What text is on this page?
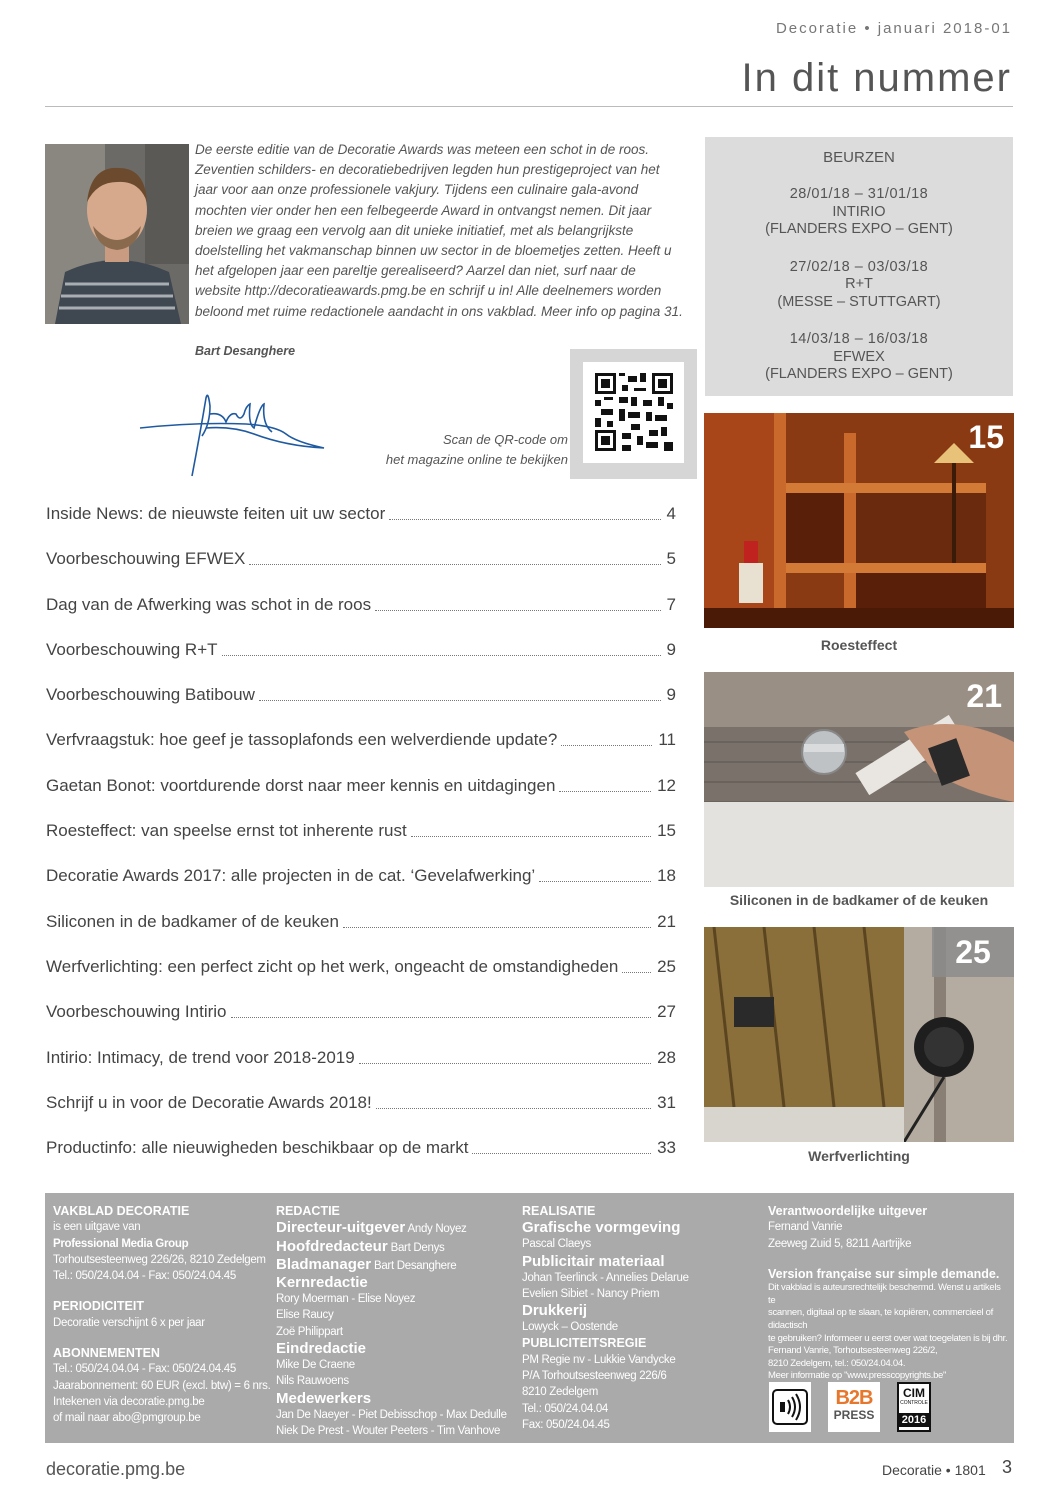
Decoratie • januari 2018-01
In dit nummer
De eerste editie van de Decoratie Awards was meteen een schot in de roos. Zeventien schilders- en decoratiebedrijven legden hun prestigeproject van het jaar voor aan onze professionele vakjury. Tijdens een culinaire gala-avond mochten vier onder hen een felbegeerde Award in ontvangst nemen. Dit jaar breien we graag een vervolg aan dit unieke initiatief, met als belangrijkste doelstelling het vakmanschap binnen uw sector in de bloemetjes zetten. Heeft u het afgelopen jaar een pareltje gerealiseerd? Aarzel dan niet, surf naar de website http://decoratieawards.pmg.be en schrijf u in! Alle deelnemers worden beloond met ruime redactionele aandacht in ons vakblad. Meer info op pagina 31.
Bart Desanghere
Scan de QR-code om
het magazine online te bekijken
BEURZEN
28/01/18 – 31/01/18
INTIRIO
(FLANDERS EXPO – GENT)
27/02/18 – 03/03/18
R+T
(MESSE – STUTTGART)
14/03/18 – 16/03/18
EFWEX
(FLANDERS EXPO – GENT)
15
Roesteffect
21
Siliconen in de badkamer of de keuken
25
Werfverlichting
Inside News: de nieuwste feiten uit uw sector	4
Voorbeschouwing EFWEX	5
Dag van de Afwerking was schot in de roos	7
Voorbeschouwing R+T	9
Voorbeschouwing Batibouw	9
Verfvraagstuk: hoe geef je tassoplafonds een welverdiende update?	11
Gaetan Bonot: voortdurende dorst naar meer kennis en uitdagingen	12
Roesteffect: van speelse ernst tot inherente rust	15
Decoratie Awards 2017: alle projecten in de cat. ‘Gevelafwerking’	18
Siliconen in de badkamer of de keuken	21
Werfverlichting: een perfect zicht op het werk, ongeacht de omstandigheden	25
Voorbeschouwing Intirio	27
Intirio: Intimacy, de trend voor 2018-2019	28
Schrijf u in voor de Decoratie Awards 2018!	31
Productinfo: alle nieuwigheden beschikbaar op de markt	33
VAKBLAD DECORATIE
is een uitgave van
Professional Media Group
Torhoutsesteenweg 226/26, 8210 Zedelgem
Tel.: 050/24.04.04 - Fax: 050/24.04.45
PERIODICITEIT
Decoratie verschijnt 6 x per jaar
ABONNEMENTEN
Tel.: 050/24.04.04 - Fax: 050/24.04.45
Jaarabonnement: 60 EUR (excl. btw) = 6 nrs.
Intekenen via decoratie.pmg.be
of mail naar abo@pmgroup.be
REDACTIE
Directeur-uitgever Andy Noyez
Hoofdredacteur Bart Denys
Bladmanager Bart Desanghere
Kernredactie
Rory Moerman - Elise Noyez
Elise Raucy
Zoë Philippart
Eindredactie
Mike De Craene
Nils Rauwoens
Medewerkers
Jan De Naeyer - Piet Debisschop - Max Dedulle
Niek De Prest - Wouter Peeters - Tim Vanhove
REALISATIE
Grafische vormgeving
Pascal Claeys
Publicitair materiaal
Johan Teerlinck - Annelies Delarue
Evelien Sibiet - Nancy Priem
Drukkerij
Lowyck – Oostende
PUBLICITEITSREGIE
PM Regie nv - Lukkie Vandycke
P/A Torhoutsesteenweg 226/6
8210 Zedelgem
Tel.: 050/24.04.04
Fax: 050/24.04.45
Verantwoordelijke uitgever
Fernand Vanrie
Zeeweg Zuid 5, 8211 Aartrijke
Version française sur simple demande.
Dit vakblad is auteursrechtelijk beschermd. Wenst u artikels te
scannen, digitaal op te slaan, te kopiëren, commercieel of didactisch
te gebruiken? Informeer u eerst over wat toegelaten is bij dhr.
Fernand Vanrie, Torhoutsesteenweg 226/2,
8210 Zedelgem, tel.: 050/24.04.04.
Meer informatie op "www.presscopyrights.be"
B2B
PRESS
CIM
CONTROLE
2016
decoratie.pmg.be	Decoratie • 1801 3
